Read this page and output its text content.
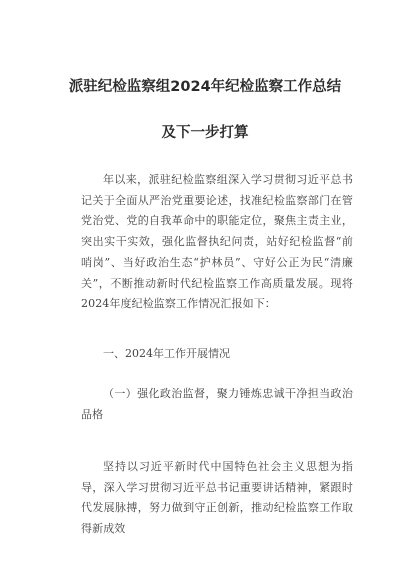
派驻纪检监察组2024年纪检监察工作总结
及下一步打算

年以来，派驻纪检监察组深入学习贯彻习近平总书记关于全面从严治党重要论述，找准纪检监察部门在管党治党、党的自我革命中的职能定位，聚焦主责主业，突出实干实效，强化监督执纪问责，站好纪检监督“前哨岗”、当好政治生态“护林员”、守好公正为民“清廉关”，不断推动新时代纪检监察工作高质量发展。现将2024年度纪检监察工作情况汇报如下：

一、2024年工作开展情况

（一）强化政治监督，聚力锤炼忠诚干净担当政治品格

坚持以习近平新时代中国特色社会主义思想为指导，深入学习贯彻习近平总书记重要讲话精神，紧跟时代发展脉搏，努力做到守正创新，推动纪检监察工作取得新成效
